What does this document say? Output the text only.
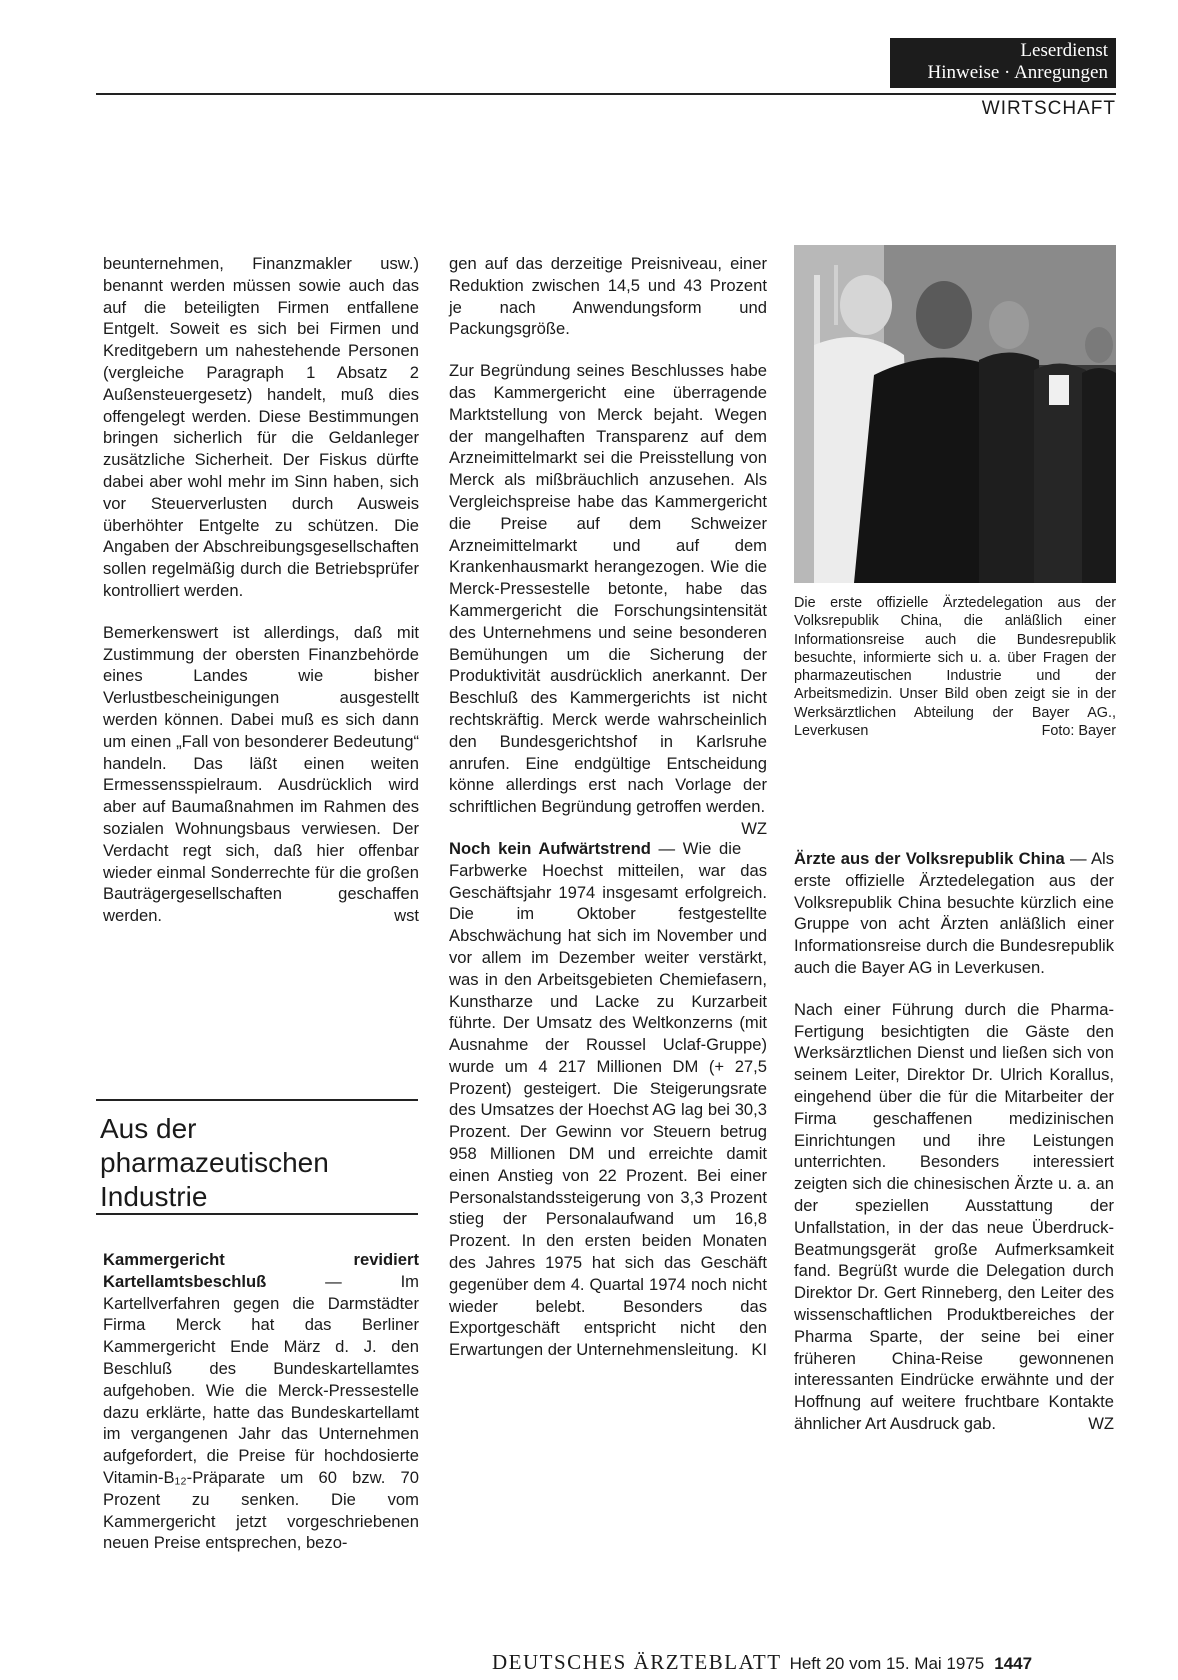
Leserdienst
Hinweise · Anregungen
WIRTSCHAFT

beunternehmen, Finanzmakler usw.) benannt werden müssen sowie auch das auf die beteiligten Firmen entfallene Entgelt. Soweit es sich bei Firmen und Kreditgebern um nahestehende Personen (vergleiche Paragraph 1 Absatz 2 Außensteuergesetz) handelt, muß dies offengelegt werden. Diese Bestimmungen bringen sicherlich für die Geldanleger zusätzliche Sicherheit. Der Fiskus dürfte dabei aber wohl mehr im Sinn haben, sich vor Steuerverlusten durch Ausweis überhöhter Entgelte zu schützen. Die Angaben der Abschreibungsgesellschaften sollen regelmäßig durch die Betriebsprüfer kontrolliert werden.

Bemerkenswert ist allerdings, daß mit Zustimmung der obersten Finanzbehörde eines Landes wie bisher Verlustbescheinigungen ausgestellt werden können. Dabei muß es sich dann um einen „Fall von besonderer Bedeutung“ handeln. Das läßt einen weiten Ermessensspielraum. Ausdrücklich wird aber auf Baumaßnahmen im Rahmen des sozialen Wohnungsbaus verwiesen. Der Verdacht regt sich, daß hier offenbar wieder einmal Sonderrechte für die großen Bauträgergesellschaften geschaffen werden.	wst

Aus der
pharmazeutischen
Industrie

Kammergericht revidiert Kartellamtsbeschluß — Im Kartellverfahren gegen die Darmstädter Firma Merck hat das Berliner Kammergericht Ende März d. J. den Beschluß des Bundeskartellamtes aufgehoben. Wie die Merck-Pressestelle dazu erklärte, hatte das Bundeskartellamt im vergangenen Jahr das Unternehmen aufgefordert, die Preise für hochdosierte Vitamin-B₁₂-Präparate um 60 bzw. 70 Prozent zu senken. Die vom Kammergericht jetzt vorgeschriebenen neuen Preise entsprechen, bezo-

gen auf das derzeitige Preisniveau, einer Reduktion zwischen 14,5 und 43 Prozent je nach Anwendungsform und Packungsgröße.

Zur Begründung seines Beschlusses habe das Kammergericht eine überragende Marktstellung von Merck bejaht. Wegen der mangelhaften Transparenz auf dem Arzneimittelmarkt sei die Preisstellung von Merck als mißbräuchlich anzusehen. Als Vergleichspreise habe das Kammergericht die Preise auf dem Schweizer Arzneimittelmarkt und auf dem Krankenhausmarkt herangezogen. Wie die Merck-Pressestelle betonte, habe das Kammergericht die Forschungsintensität des Unternehmens und seine besonderen Bemühungen um die Sicherung der Produktivität ausdrücklich anerkannt. Der Beschluß des Kammergerichts ist nicht rechtskräftig. Merck werde wahrscheinlich den Bundesgerichtshof in Karlsruhe anrufen. Eine endgültige Entscheidung könne allerdings erst nach Vorlage der schriftlichen Begründung getroffen werden.
WZ

Noch kein Aufwärtstrend — Wie die Farbwerke Hoechst mitteilen, war das Geschäftsjahr 1974 insgesamt erfolgreich. Die im Oktober festgestellte Abschwächung hat sich im November und vor allem im Dezember weiter verstärkt, was in den Arbeitsgebieten Chemiefasern, Kunstharze und Lacke zu Kurzarbeit führte. Der Umsatz des Weltkonzerns (mit Ausnahme der Roussel Uclaf-Gruppe) wurde um 4 217 Millionen DM (+ 27,5 Prozent) gesteigert. Die Steigerungsrate des Umsatzes der Hoechst AG lag bei 30,3 Prozent. Der Gewinn vor Steuern betrug 958 Millionen DM und erreichte damit einen Anstieg von 22 Prozent. Bei einer Personalstandssteigerung von 3,3 Prozent stieg der Personalaufwand um 16,8 Prozent. In den ersten beiden Monaten des Jahres 1975 hat sich das Geschäft gegenüber dem 4. Quartal 1974 noch nicht wieder belebt. Besonders das Exportgeschäft entspricht nicht den Erwartungen der Unternehmensleitung. KI

Die erste offizielle Ärztedelegation aus der Volksrepublik China, die anläßlich einer Informationsreise auch die Bundesrepublik besuchte, informierte sich u. a. über Fragen der pharmazeutischen Industrie und der Arbeitsmedizin. Unser Bild oben zeigt sie in der Werksärztlichen Abteilung der Bayer AG., Leverkusen	Foto: Bayer

Ärzte aus der Volksrepublik China — Als erste offizielle Ärztedelegation aus der Volksrepublik China besuchte kürzlich eine Gruppe von acht Ärzten anläßlich einer Informationsreise durch die Bundesrepublik auch die Bayer AG in Leverkusen.

Nach einer Führung durch die Pharma-Fertigung besichtigten die Gäste den Werksärztlichen Dienst und ließen sich von seinem Leiter, Direktor Dr. Ulrich Korallus, eingehend über die für die Mitarbeiter der Firma geschaffenen medizinischen Einrichtungen und ihre Leistungen unterrichten. Besonders interessiert zeigten sich die chinesischen Ärzte u. a. an der speziellen Ausstattung der Unfallstation, in der das neue Überdruck-Beatmungsgerät große Aufmerksamkeit fand. Begrüßt wurde die Delegation durch Direktor Dr. Gert Rinneberg, den Leiter des wissenschaftlichen Produktbereiches der Pharma Sparte, der seine bei einer früheren China-Reise gewonnenen interessanten Eindrücke erwähnte und der Hoffnung auf weitere fruchtbare Kontakte ähnlicher Art Ausdruck gab.	WZ

DEUTSCHES ÄRZTEBLATT Heft 20 vom 15. Mai 1975 1447
